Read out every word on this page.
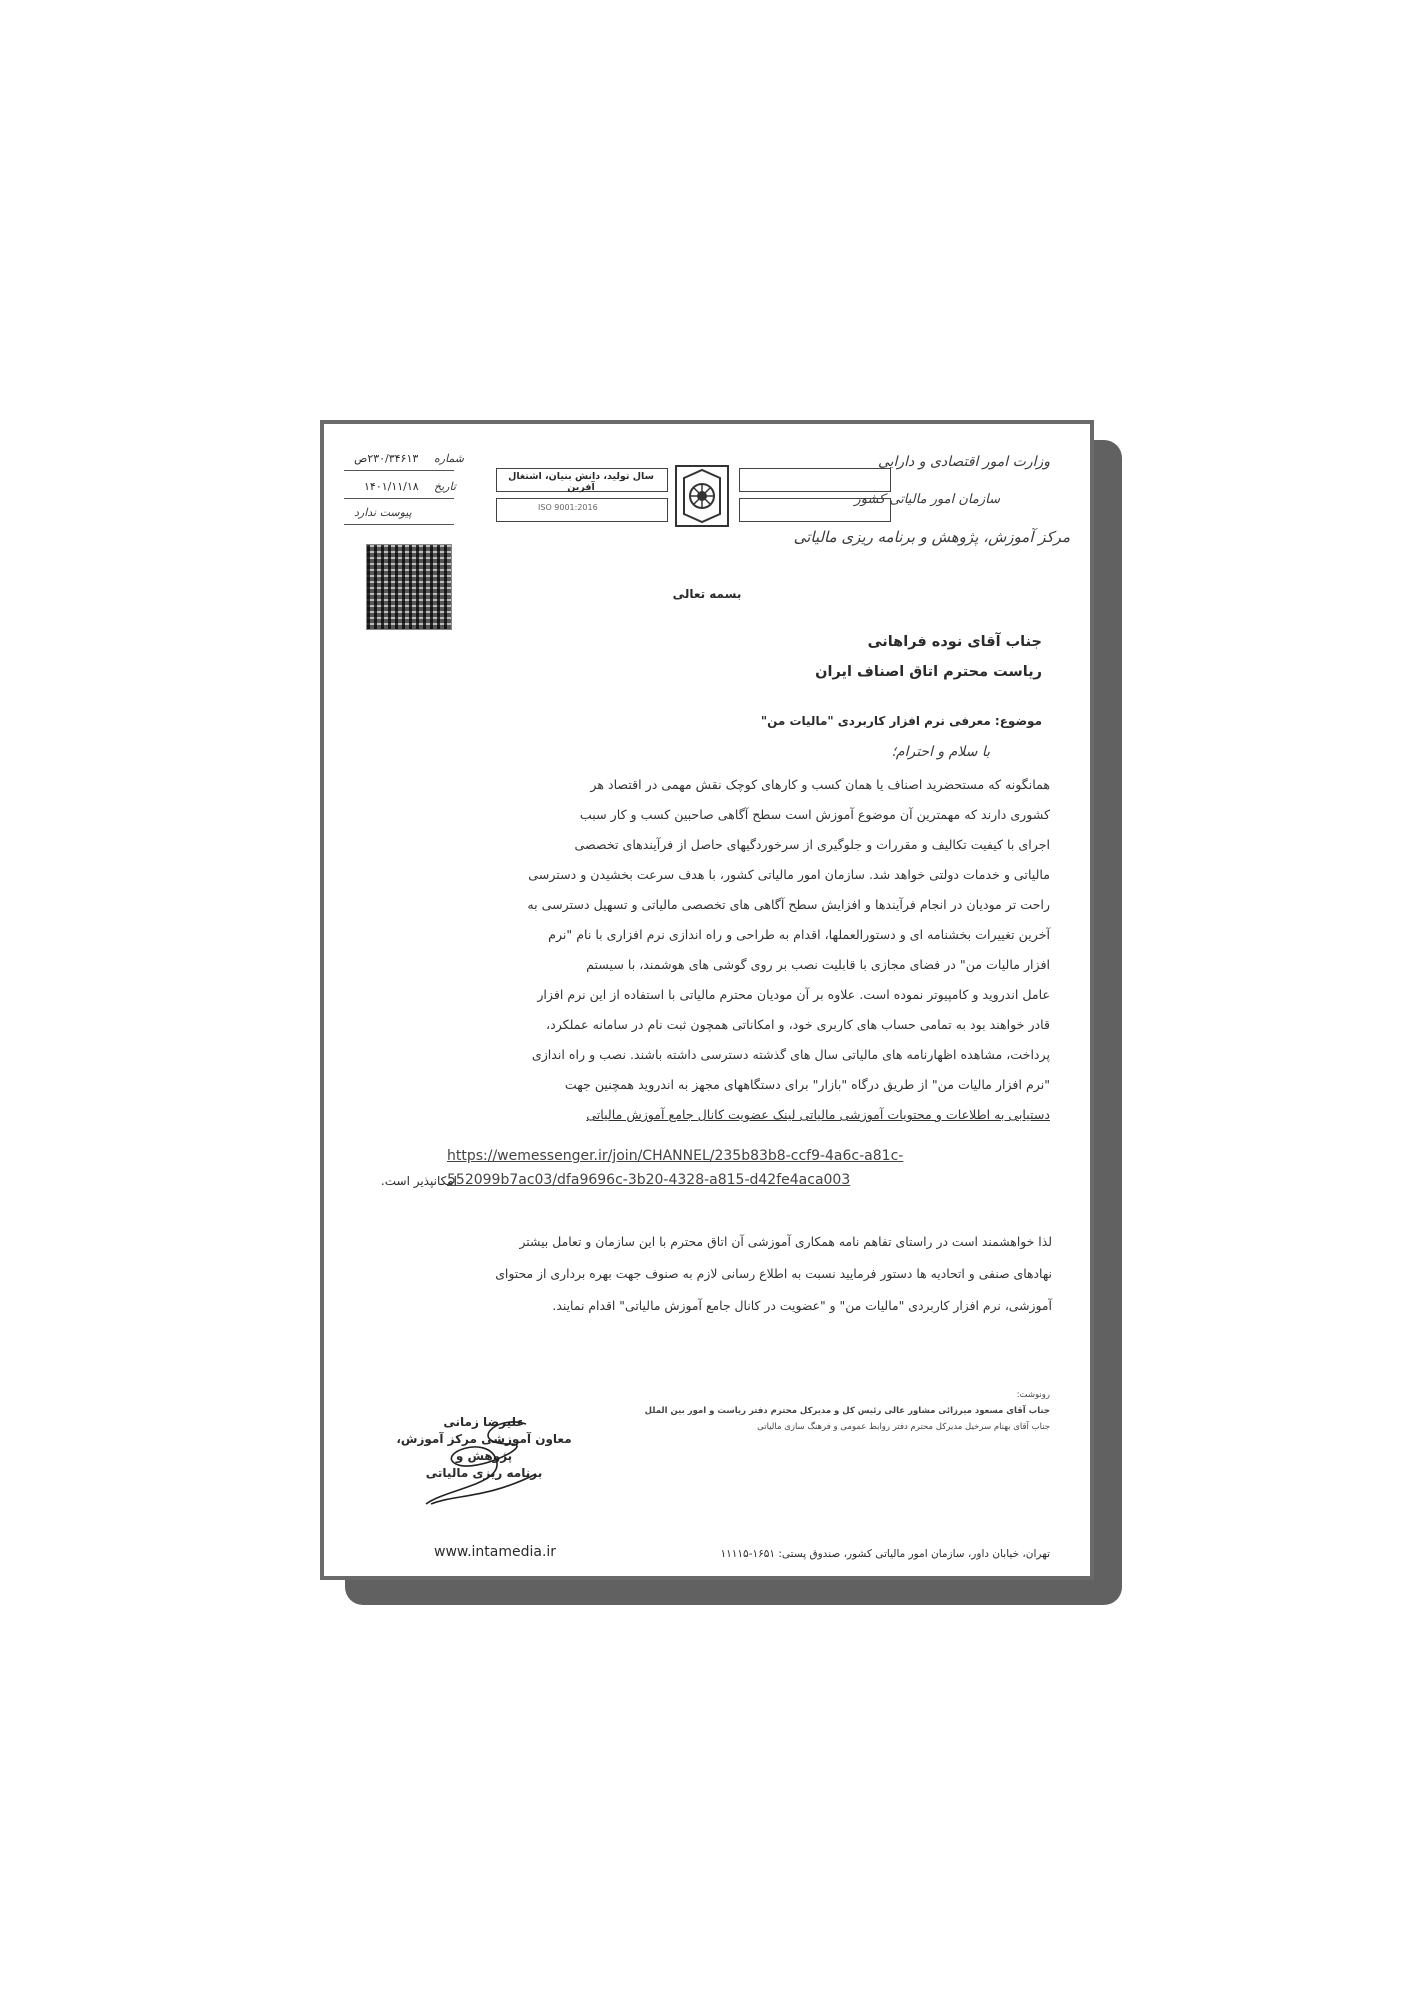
وزارت امور اقتصادی و دارایی
سازمان امور مالیاتی کشور
مرکز آموزش، پژوهش و برنامه ریزی مالیاتی
سال تولید، دانش بنیان، اشتغال آفرین
ISO 9001:2016
شماره
۲۳۰/۳۴۶۱۳ص
تاریخ
۱۴۰۱/۱۱/۱۸
پیوست ندارد
بسمه تعالی
جناب آقای نوده فراهانی
ریاست محترم اتاق اصناف ایران
موضوع: معرفی نرم افزار کاربردی "مالیات من"
با سلام و احترام؛

همانگونه که مستحضرید اصناف یا همان کسب و کارهای کوچک نقش مهمی در اقتصاد هر

کشوری دارند که مهمترین آن موضوع آموزش است سطح آگاهی صاحبین کسب و کار سبب

اجرای با کیفیت تکالیف و مقررات و جلوگیری از سرخوردگیهای حاصل از فرآیندهای تخصصی

مالیاتی و خدمات دولتی خواهد شد. سازمان امور مالیاتی کشور، با هدف سرعت بخشیدن و دسترسی

راحت تر مودیان در انجام فرآیندها و افزایش سطح آگاهی های تخصصی مالیاتی و تسهیل دسترسی به

آخرین تغییرات بخشنامه ای و دستورالعملها، اقدام به طراحی و راه اندازی نرم افزاری با نام "نرم

افزار مالیات من" در فضای مجازی با قابلیت نصب بر روی گوشی های هوشمند، با سیستم

عامل اندروید و کامپیوتر نموده است. علاوه بر آن مودیان محترم مالیاتی با استفاده از این نرم افزار

قادر خواهند بود به تمامی حساب های کاربری خود، و امکاناتی همچون ثبت نام در سامانه عملکرد،

پرداخت، مشاهده اظهارنامه های مالیاتی سال های گذشته دسترسی داشته باشند. نصب و راه اندازی

"نرم افزار مالیات من" از طریق درگاه "بازار" برای دستگاههای مجهز به اندروید همچنین جهت

دستیابی به اطلاعات و محتویات آموزشی مالیاتی لینک عضویت کانال جامع آموزش مالیاتی

https://wemessenger.ir/join/CHANNEL/235b83b8-ccf9-4a6c-a81c-
552099b7ac03/dfa9696c-3b20-4328-a815-d42fe4aca003
امکانپذیر است.

لذا خواهشمند است در راستای تفاهم نامه همکاری آموزشی آن اتاق محترم با این سازمان و تعامل بیشتر

نهادهای صنفی و اتحادیه ها دستور فرمایید نسبت به اطلاع رسانی لازم به صنوف جهت بهره برداری از محتوای

آموزشی، نرم افزار کاربردی "مالیات من" و "عضویت در کانال جامع آموزش مالیاتی" اقدام نمایند.

رونوشت:
جناب آقای مسعود میرزائی مشاور عالی رئیس کل و مدیرکل محترم دفتر ریاست و امور بین الملل
جناب آقای بهنام سرخیل مدیرکل محترم دفتر روابط عمومی و فرهنگ سازی مالیاتی
علیرضا زمانی
معاون آموزشی مرکز آموزش، پژوهش و
برنامه ریزی مالیاتی
تهران، خیابان داور، سازمان امور مالیاتی کشور، صندوق پستی: ۱۶۵۱-۱۱۱۱۵
www.intamedia.ir
